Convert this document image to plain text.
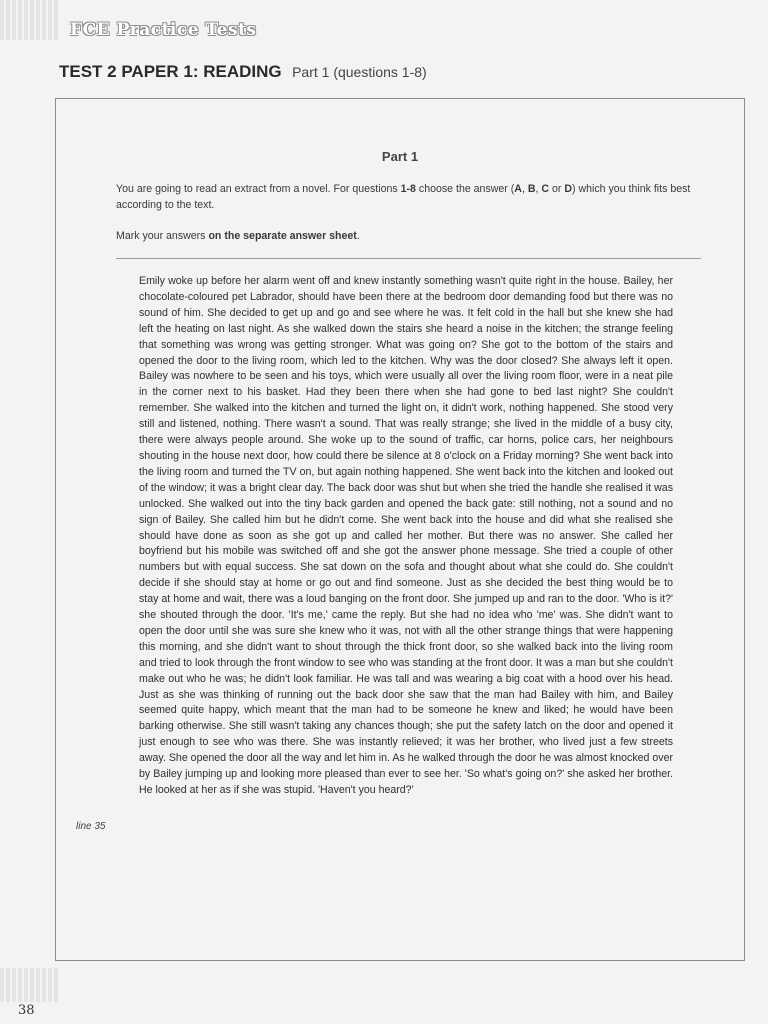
FCE Practice Tests
TEST 2 PAPER 1: READING Part 1 (questions 1-8)
Part 1

You are going to read an extract from a novel. For questions 1-8 choose the answer (A, B, C or D) which you think fits best according to the text.

Mark your answers on the separate answer sheet.

Emily woke up before her alarm went off and knew instantly something wasn't quite right in the house. Bailey, her chocolate-coloured pet Labrador, should have been there at the bedroom door demanding food but there was no sound of him. She decided to get up and go and see where he was. It felt cold in the hall but she knew she had left the heating on last night. As she walked down the stairs she heard a noise in the kitchen; the strange feeling that something was wrong was getting stronger. What was going on? She got to the bottom of the stairs and opened the door to the living room, which led to the kitchen. Why was the door closed? She always left it open. Bailey was nowhere to be seen and his toys, which were usually all over the living room floor, were in a neat pile in the corner next to his basket. Had they been there when she had gone to bed last night? She couldn't remember. She walked into the kitchen and turned the light on, it didn't work, nothing happened. She stood very still and listened, nothing. There wasn't a sound. That was really strange; she lived in the middle of a busy city, there were always people around. She woke up to the sound of traffic, car horns, police cars, her neighbours shouting in the house next door, how could there be silence at 8 o'clock on a Friday morning? She went back into the living room and turned the TV on, but again nothing happened. She went back into the kitchen and looked out of the window; it was a bright clear day. The back door was shut but when she tried the handle she realised it was unlocked. She walked out into the tiny back garden and opened the back gate: still nothing, not a sound and no sign of Bailey. She called him but he didn't come. She went back into the house and did what she realised she should have done as soon as she got up and called her mother. But there was no answer. She called her boyfriend but his mobile was switched off and she got the answer phone message. She tried a couple of other numbers but with equal success. She sat down on the sofa and thought about what she could do. She couldn't decide if she should stay at home or go out and find someone. Just as she decided the best thing would be to stay at home and wait, there was a loud banging on the front door. She jumped up and ran to the door. 'Who is it?' she shouted through the door. 'It's me,' came the reply. But she had no idea who 'me' was. She didn't want to open the door until she was sure she knew who it was, not with all the other strange things that were happening this morning, and she didn't want to shout through the thick front door, so she walked back into the living room and tried to look through the front window to see who was standing at the front door. It was a man but she couldn't make out who he was; he didn't look familiar. He was tall and was wearing a big coat with a hood over his head. Just as she was thinking of running out the back door she saw that the man had Bailey with him, and Bailey seemed quite happy, which meant that the man had to be someone he knew and liked; he would have been barking otherwise. She still wasn't taking any chances though; she put the safety latch on the door and opened it just enough to see who was there. She was instantly relieved; it was her brother, who lived just a few streets away. She opened the door all the way and let him in. As he walked through the door he was almost knocked over by Bailey jumping up and looking more pleased than ever to see her. 'So what's going on?' she asked her brother. He looked at her as if she was stupid. 'Haven't you heard?'

line 35
38
